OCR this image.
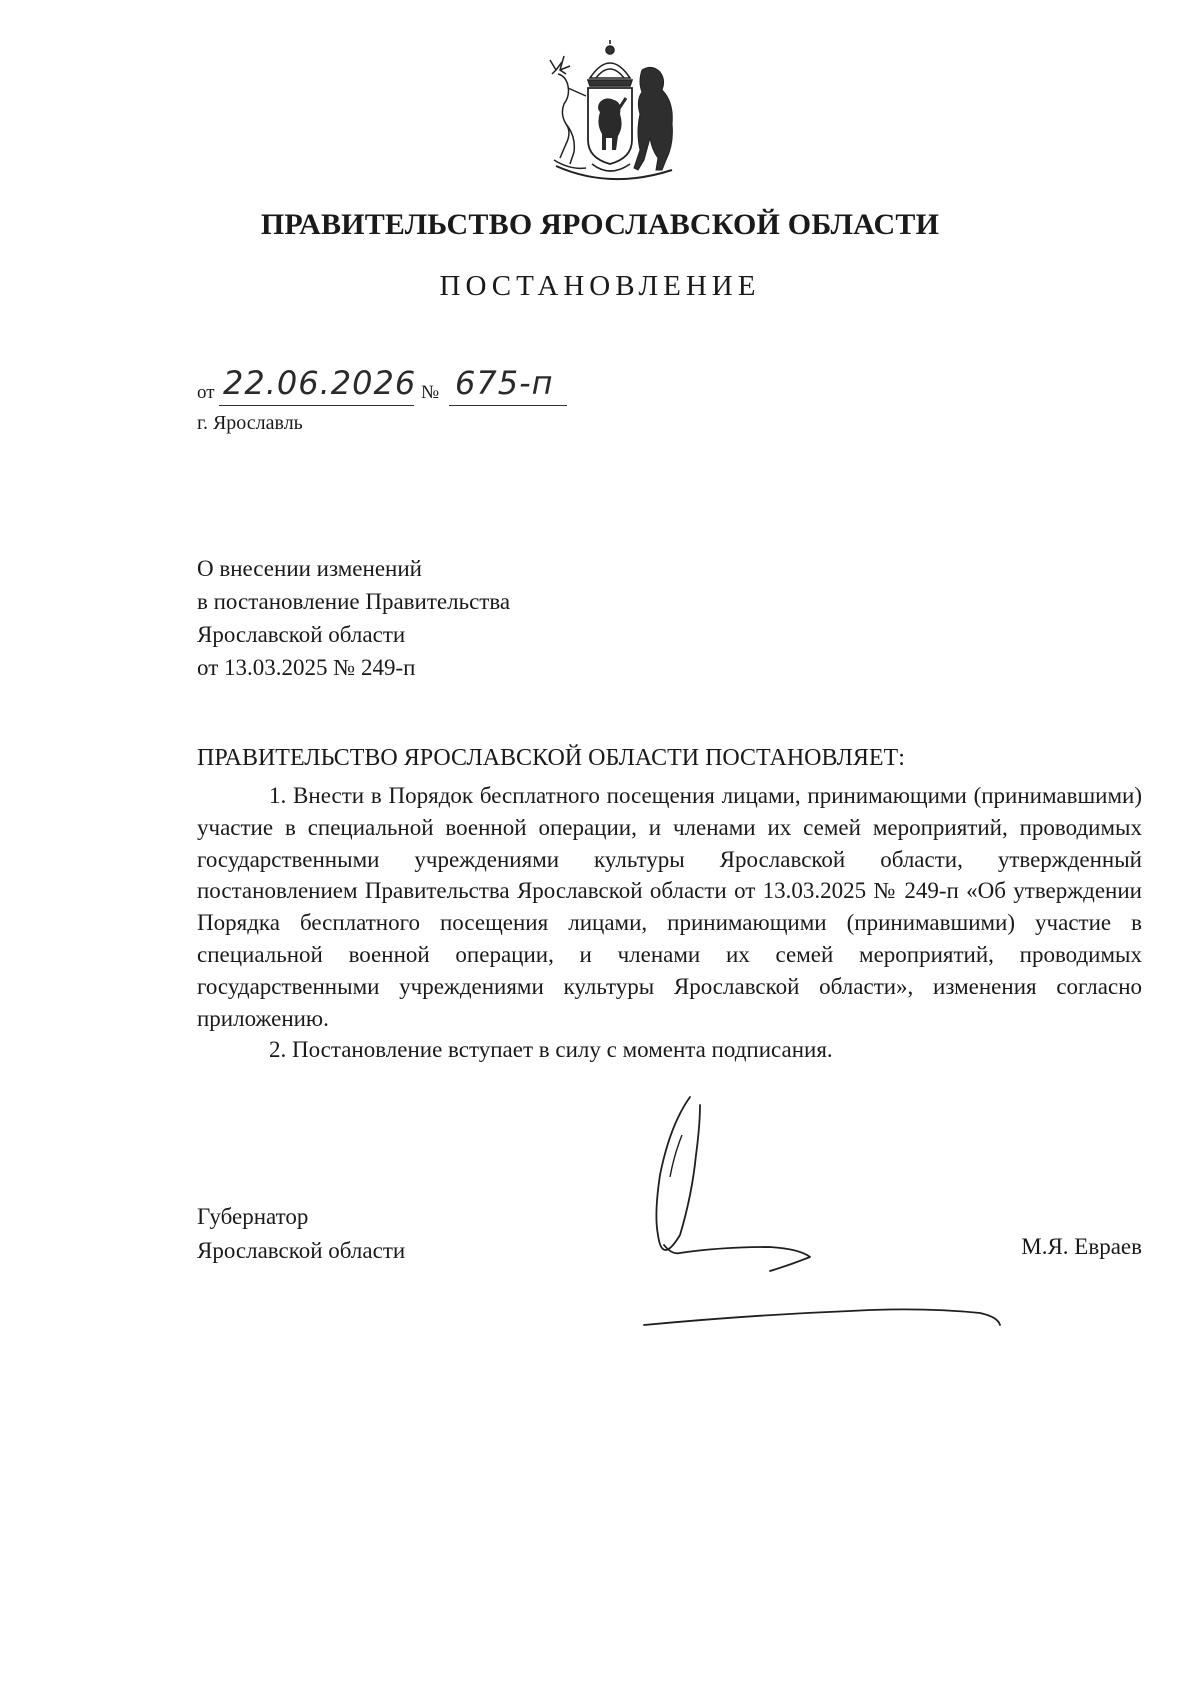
ПРАВИТЕЛЬСТВО ЯРОСЛАВСКОЙ ОБЛАСТИ
ПОСТАНОВЛЕНИЕ
от 22.06.2026 № 675-п
г. Ярославль
О внесении изменений
в постановление Правительства
Ярославской области
от 13.03.2025 № 249-п
ПРАВИТЕЛЬСТВО ЯРОСЛАВСКОЙ ОБЛАСТИ ПОСТАНОВЛЯЕТ:

1. Внести в Порядок бесплатного посещения лицами, принимающими (принимавшими) участие в специальной военной операции, и членами их семей мероприятий, проводимых государственными учреждениями культуры Ярославской области, утвержденный постановлением Правительства Ярославской области от 13.03.2025 № 249-п «Об утверждении Порядка бесплатного посещения лицами, принимающими (принимавшими) участие в специальной военной операции, и членами их семей мероприятий, проводимых государственными учреждениями культуры Ярославской области», изменения согласно приложению.

2. Постановление вступает в силу с момента подписания.

Губернатор
Ярославской области	М.Я. Евраев
